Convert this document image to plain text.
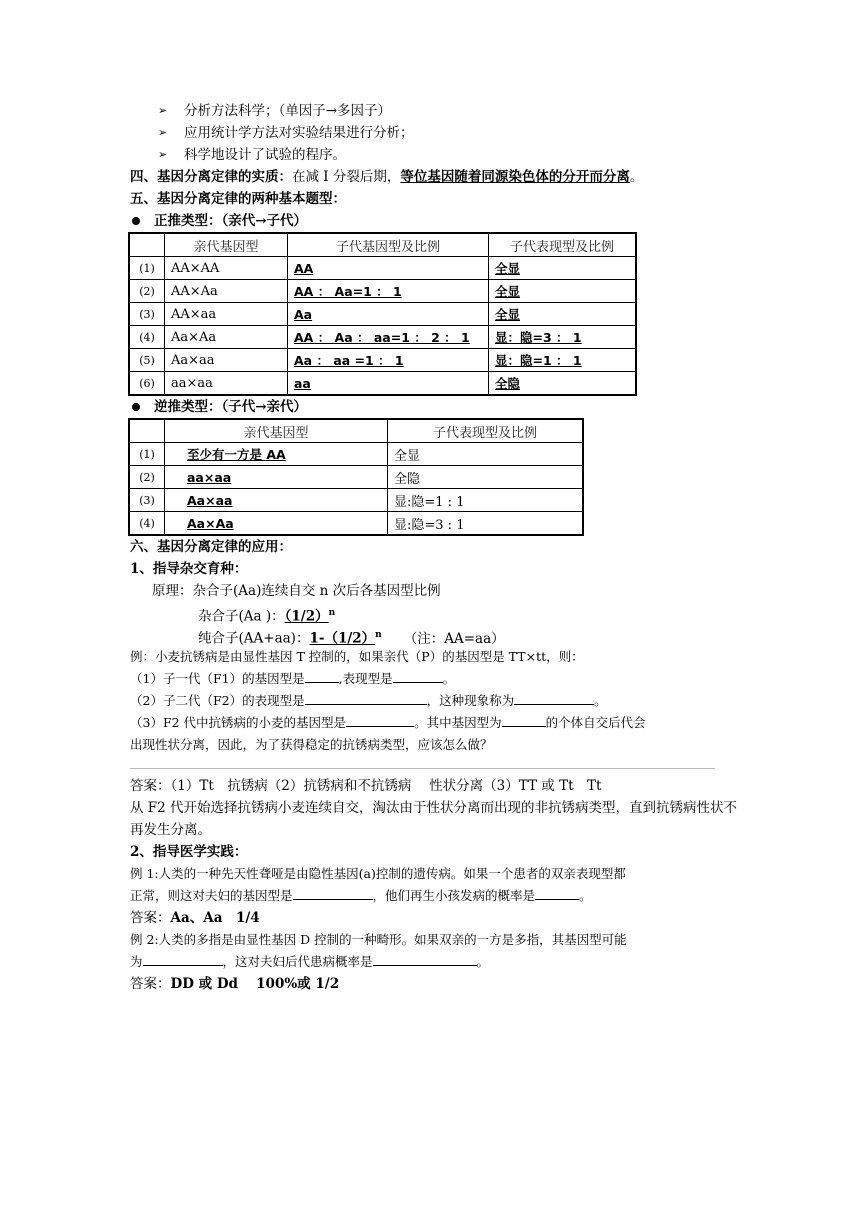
➢ 分析方法科学；（单因子→多因子）
➢ 应用统计学方法对实验结果进行分析；
➢ 科学地设计了试验的程序。
四、基因分离定律的实质：在减 I 分裂后期，等位基因随着同源染色体的分开而分离。
五、基因分离定律的两种基本题型：
正推类型：（亲代→子代）
	亲代基因型	子代基因型及比例	子代表现型及比例
(1)	AA×AA	AA	全显
(2)	AA×Aa	AA ： Aa=1 ： 1	全显
(3)	AA×aa	Aa	全显
(4)	Aa×Aa	AA ： Aa ： aa=1 ： 2 ： 1	显：隐=3 ： 1
(5)	Aa×aa	Aa ： aa =1 ： 1	显：隐=1 ： 1
(6)	aa×aa	aa	全隐
逆推类型：（子代→亲代）
	亲代基因型	子代表现型及比例
(1)	至少有一方是 AA	全显
(2)	aa×aa	全隐
(3)	Aa×aa	显:隐=1 : 1
(4)	Aa×Aa	显:隐=3 : 1
六、基因分离定律的应用：
1、指导杂交育种：
原理：杂合子(Aa)连续自交 n 次后各基因型比例
杂合子(Aa )：$(1/2)^n$
纯合子(AA+aa)：$1-(1/2)^n$ （注：AA=aa）
例：小麦抗锈病是由显性基因 T 控制的，如果亲代（P）的基因型是 TT×tt，则：
（1）子一代（F1）的基因型是	,表现型是	。
（2）子二代（F2）的表现型是	，这种现象称为	。
（3）F2 代中抗锈病的小麦的基因型是	。其中基因型为	的个体自交后代会
出现性状分离，因此，为了获得稳定的抗锈病类型，应该怎么做？
答案：（1）Tt　抗锈病（2）抗锈病和不抗锈病　 性状分离（3）TT 或 Tt　Tt
从 F2 代开始选择抗锈病小麦连续自交，淘汰由于性状分离而出现的非抗锈病类型，直到抗锈病性状不再发生分离。
2、指导医学实践：
例 1:人类的一种先天性聋哑是由隐性基因(a)控制的遗传病。如果一个患者的双亲表现型都
正常，则这对夫妇的基因型是	，他们再生小孩发病的概率是	。
答案：Aa、Aa　1/4
例 2:人类的多指是由显性基因 D 控制的一种畸形。如果双亲的一方是多指，其基因型可能
为	，这对夫妇后代患病概率是	。
答案：DD 或 Dd　 100%或 1/2
